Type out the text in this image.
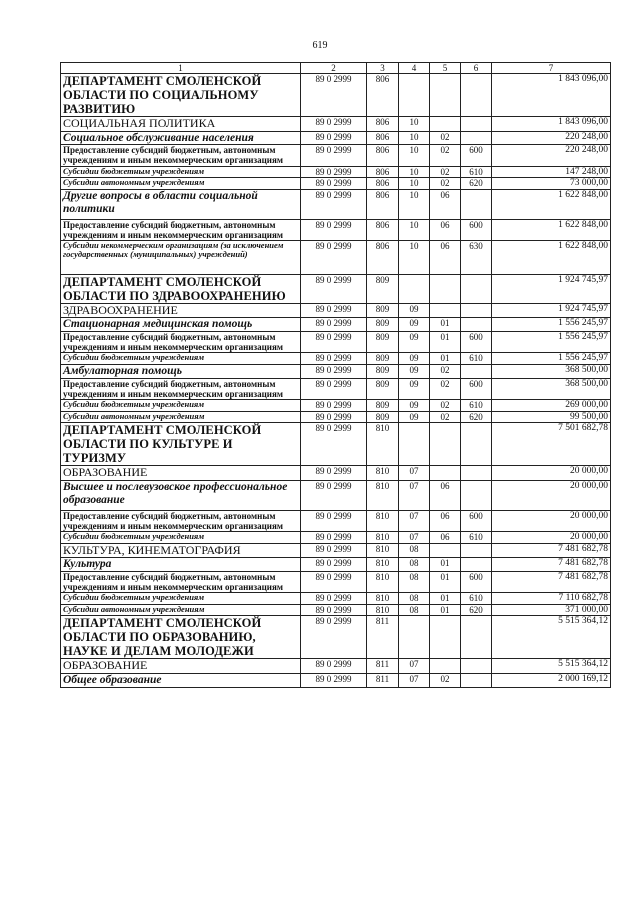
619
1	2	3	4	5	6	7
ДЕПАРТАМЕНТ СМОЛЕНСКОЙ ОБЛАСТИ ПО СОЦИАЛЬНОМУ РАЗВИТИЮ	89 0 2999	806				1 843 096,00
СОЦИАЛЬНАЯ ПОЛИТИКА	89 0 2999	806	10			1 843 096,00
Социальное обслуживание населения	89 0 2999	806	10	02		220 248,00
Предоставление субсидий бюджетным, автономным учреждениям и иным некоммерческим организациям	89 0 2999	806	10	02	600	220 248,00
Субсидии бюджетным учреждениям	89 0 2999	806	10	02	610	147 248,00
Субсидии автономным учреждениям	89 0 2999	806	10	02	620	73 000,00
Другие вопросы в области социальной политики	89 0 2999	806	10	06		1 622 848,00
Предоставление субсидий бюджетным, автономным учреждениям и иным некоммерческим организациям	89 0 2999	806	10	06	600	1 622 848,00
Субсидии некоммерческим организациям (за исключением государственных (муниципальных) учреждений)	89 0 2999	806	10	06	630	1 622 848,00
ДЕПАРТАМЕНТ СМОЛЕНСКОЙ ОБЛАСТИ ПО ЗДРАВООХРАНЕНИЮ	89 0 2999	809				1 924 745,97
ЗДРАВООХРАНЕНИЕ	89 0 2999	809	09			1 924 745,97
Стационарная медицинская помощь	89 0 2999	809	09	01		1 556 245,97
Предоставление субсидий бюджетным, автономным учреждениям и иным некоммерческим организациям	89 0 2999	809	09	01	600	1 556 245,97
Субсидии бюджетным учреждениям	89 0 2999	809	09	01	610	1 556 245,97
Амбулаторная помощь	89 0 2999	809	09	02		368 500,00
Предоставление субсидий бюджетным, автономным учреждениям и иным некоммерческим организациям	89 0 2999	809	09	02	600	368 500,00
Субсидии бюджетным учреждениям	89 0 2999	809	09	02	610	269 000,00
Субсидии автономным учреждениям	89 0 2999	809	09	02	620	99 500,00
ДЕПАРТАМЕНТ СМОЛЕНСКОЙ ОБЛАСТИ ПО КУЛЬТУРЕ И ТУРИЗМУ	89 0 2999	810				7 501 682,78
ОБРАЗОВАНИЕ	89 0 2999	810	07			20 000,00
Высшее и послевузовское профессиональное образование	89 0 2999	810	07	06		20 000,00
Предоставление субсидий бюджетным, автономным учреждениям и иным некоммерческим организациям	89 0 2999	810	07	06	600	20 000,00
Субсидии бюджетным учреждениям	89 0 2999	810	07	06	610	20 000,00
КУЛЬТУРА, КИНЕМАТОГРАФИЯ	89 0 2999	810	08			7 481 682,78
Культура	89 0 2999	810	08	01		7 481 682,78
Предоставление субсидий бюджетным, автономным учреждениям и иным некоммерческим организациям	89 0 2999	810	08	01	600	7 481 682,78
Субсидии бюджетным учреждениям	89 0 2999	810	08	01	610	7 110 682,78
Субсидии автономным учреждениям	89 0 2999	810	08	01	620	371 000,00
ДЕПАРТАМЕНТ СМОЛЕНСКОЙ ОБЛАСТИ ПО ОБРАЗОВАНИЮ, НАУКЕ И ДЕЛАМ МОЛОДЕЖИ	89 0 2999	811				5 515 364,12
ОБРАЗОВАНИЕ	89 0 2999	811	07			5 515 364,12
Общее образование	89 0 2999	811	07	02		2 000 169,12
